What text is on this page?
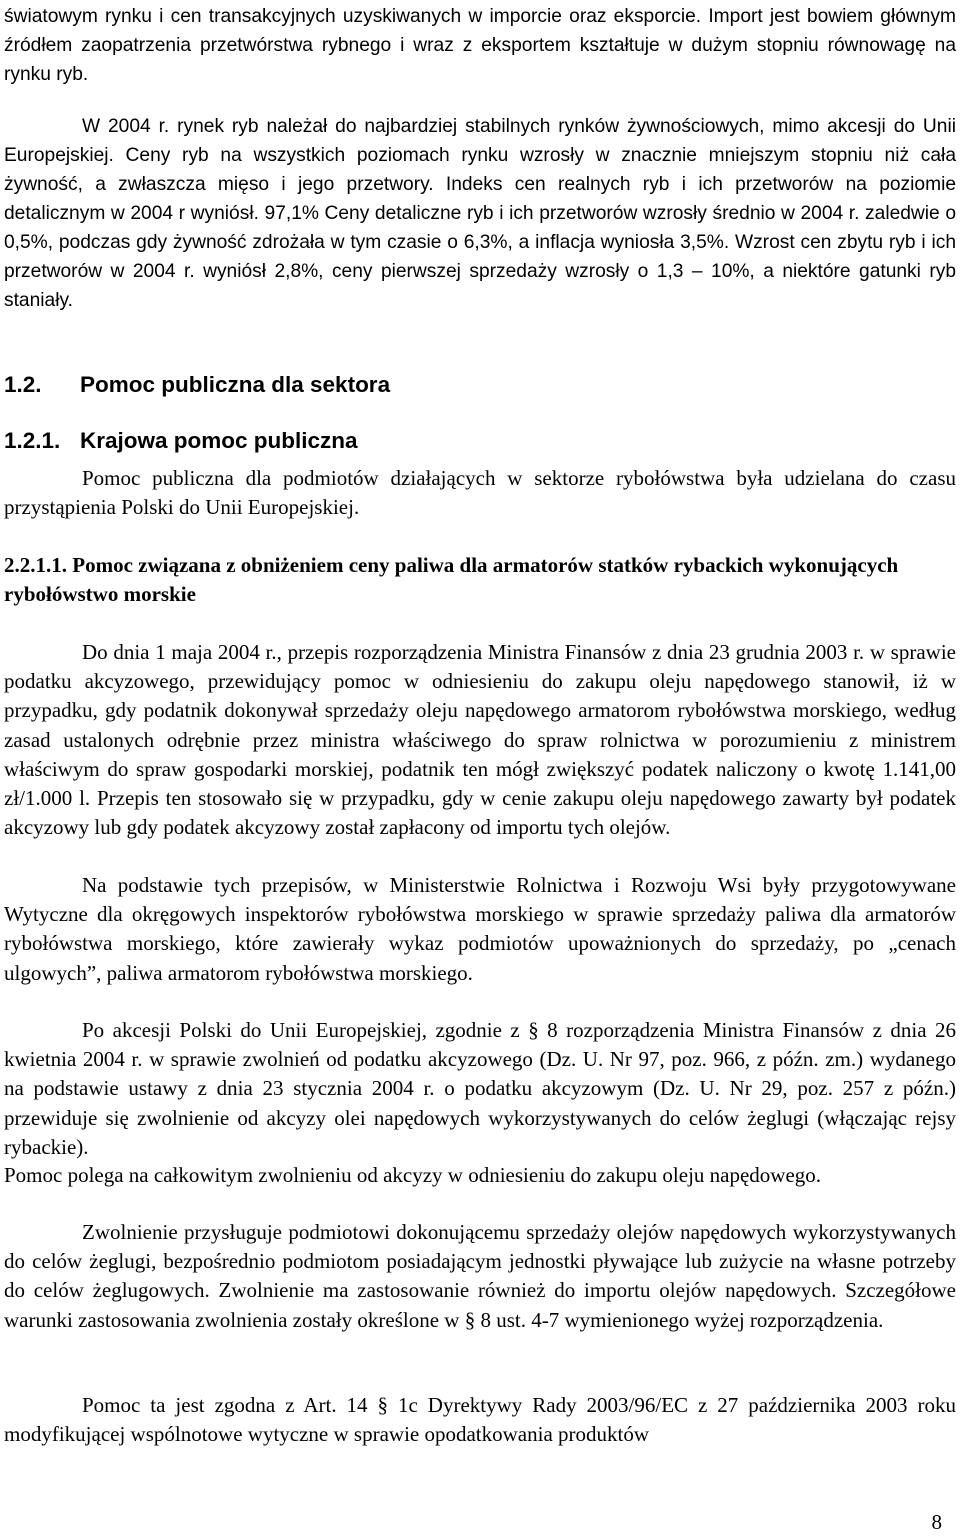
światowym rynku i cen transakcyjnych uzyskiwanych w imporcie oraz eksporcie. Import jest bowiem głównym źródłem zaopatrzenia przetwórstwa rybnego i wraz z eksportem kształtuje w dużym stopniu równowagę na rynku ryb.

W 2004 r. rynek ryb należał do najbardziej stabilnych rynków żywnościowych, mimo akcesji do Unii Europejskiej. Ceny ryb na wszystkich poziomach rynku wzrosły w znacznie mniejszym stopniu niż cała żywność, a zwłaszcza mięso i jego przetwory. Indeks cen realnych ryb i ich przetworów na poziomie detalicznym w 2004 r wyniósł. 97,1% Ceny detaliczne ryb i ich przetworów wzrosły średnio w 2004 r. zaledwie o 0,5%, podczas gdy żywność zdrożała w tym czasie o 6,3%, a inflacja wyniosła 3,5%. Wzrost cen zbytu ryb i ich przetworów w 2004 r. wyniósł 2,8%, ceny pierwszej sprzedaży wzrosły o 1,3 – 10%, a niektóre gatunki ryb staniały.

1.2. Pomoc publiczna dla sektora
1.2.1. Krajowa pomoc publiczna

Pomoc publiczna dla podmiotów działających w sektorze rybołówstwa była udzielana do czasu przystąpienia Polski do Unii Europejskiej.

2.2.1.1. Pomoc związana z obniżeniem ceny paliwa dla armatorów statków rybackich wykonujących rybołówstwo morskie

Do dnia 1 maja 2004 r., przepis rozporządzenia Ministra Finansów z dnia 23 grudnia 2003 r. w sprawie podatku akcyzowego, przewidujący pomoc w odniesieniu do zakupu oleju napędowego stanowił, iż w przypadku, gdy podatnik dokonywał sprzedaży oleju napędowego armatorom rybołówstwa morskiego, według zasad ustalonych odrębnie przez ministra właściwego do spraw rolnictwa w porozumieniu z ministrem właściwym do spraw gospodarki morskiej, podatnik ten mógł zwiększyć podatek naliczony o kwotę 1.141,00 zł/1.000 l. Przepis ten stosowało się w przypadku, gdy w cenie zakupu oleju napędowego zawarty był podatek akcyzowy lub gdy podatek akcyzowy został zapłacony od importu tych olejów.

Na podstawie tych przepisów, w Ministerstwie Rolnictwa i Rozwoju Wsi były przygotowywane Wytyczne dla okręgowych inspektorów rybołówstwa morskiego w sprawie sprzedaży paliwa dla armatorów rybołówstwa morskiego, które zawierały wykaz podmiotów upoważnionych do sprzedaży, po „cenach ulgowych”, paliwa armatorom rybołówstwa morskiego.

Po akcesji Polski do Unii Europejskiej, zgodnie z § 8 rozporządzenia Ministra Finansów z dnia 26 kwietnia 2004 r. w sprawie zwolnień od podatku akcyzowego (Dz. U. Nr 97, poz. 966, z późn. zm.) wydanego na podstawie ustawy z dnia 23 stycznia 2004 r. o podatku akcyzowym (Dz. U. Nr 29, poz. 257 z późn.) przewiduje się zwolnienie od akcyzy olei napędowych wykorzystywanych do celów żeglugi (włączając rejsy rybackie).

Pomoc polega na całkowitym zwolnieniu od akcyzy w odniesieniu do zakupu oleju napędowego.

Zwolnienie przysługuje podmiotowi dokonującemu sprzedaży olejów napędowych wykorzystywanych do celów żeglugi, bezpośrednio podmiotom posiadającym jednostki pływające lub zużycie na własne potrzeby do celów żeglugowych. Zwolnienie ma zastosowanie również do importu olejów napędowych. Szczegółowe warunki zastosowania zwolnienia zostały określone w § 8 ust. 4-7 wymienionego wyżej rozporządzenia.

Pomoc ta jest zgodna z Art. 14 § 1c Dyrektywy Rady 2003/96/EC z 27 października 2003 roku modyfikującej wspólnotowe wytyczne w sprawie opodatkowania produktów

8
